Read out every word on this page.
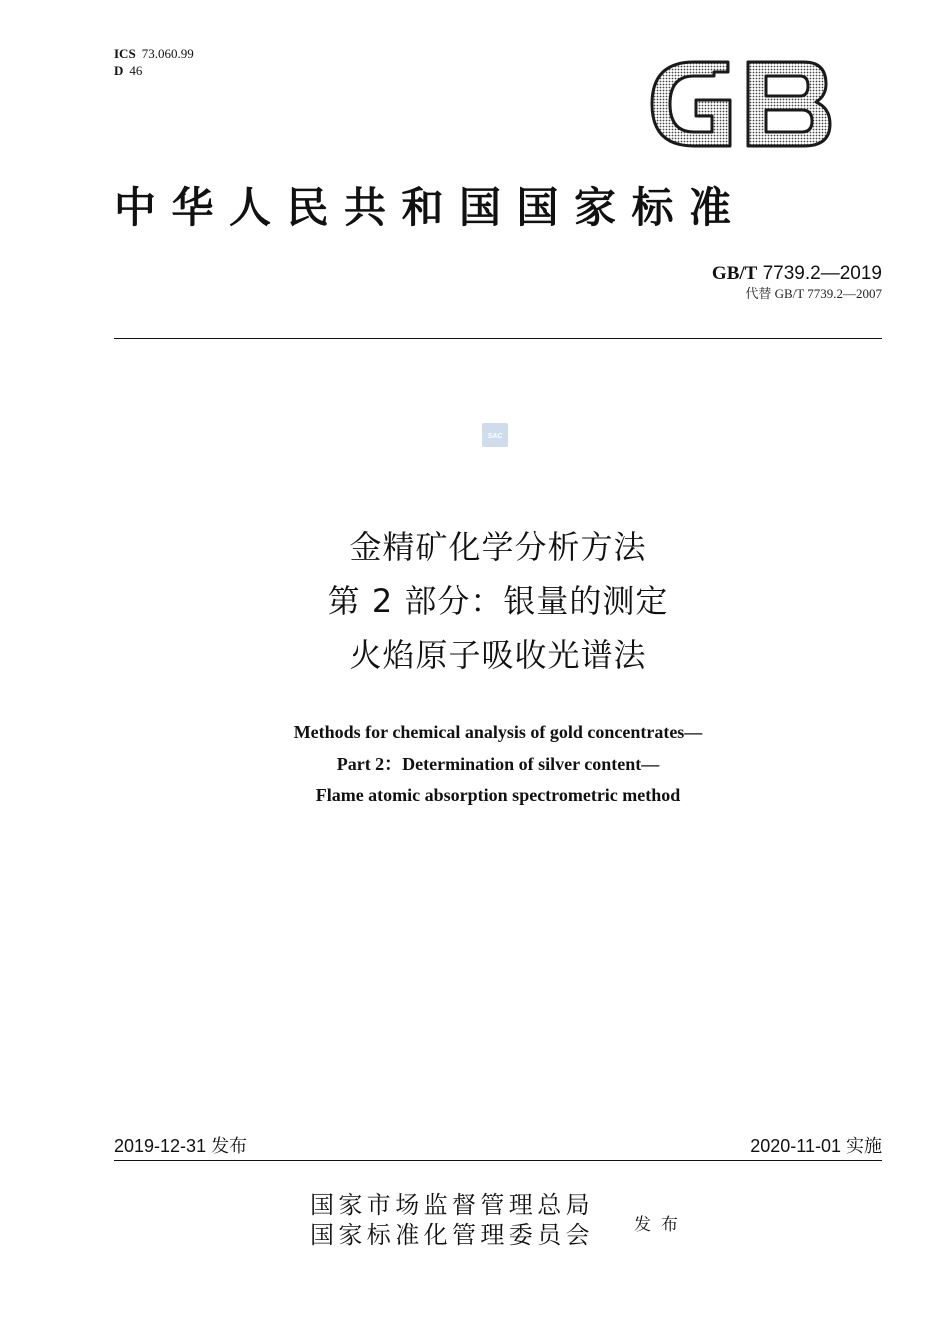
ICS 73.060.99
D 46
中华人民共和国国家标准
GB/T 7739.2—2019
代替 GB/T 7739.2—2007
SAC
金精矿化学分析方法
第 2 部分：银量的测定
火焰原子吸收光谱法
Methods for chemical analysis of gold concentrates—
Part 2：Determination of silver content—
Flame atomic absorption spectrometric method
2019-12-31 发布	2020-11-01 实施
国家市场监督管理总局
国家标准化管理委员会 发布
